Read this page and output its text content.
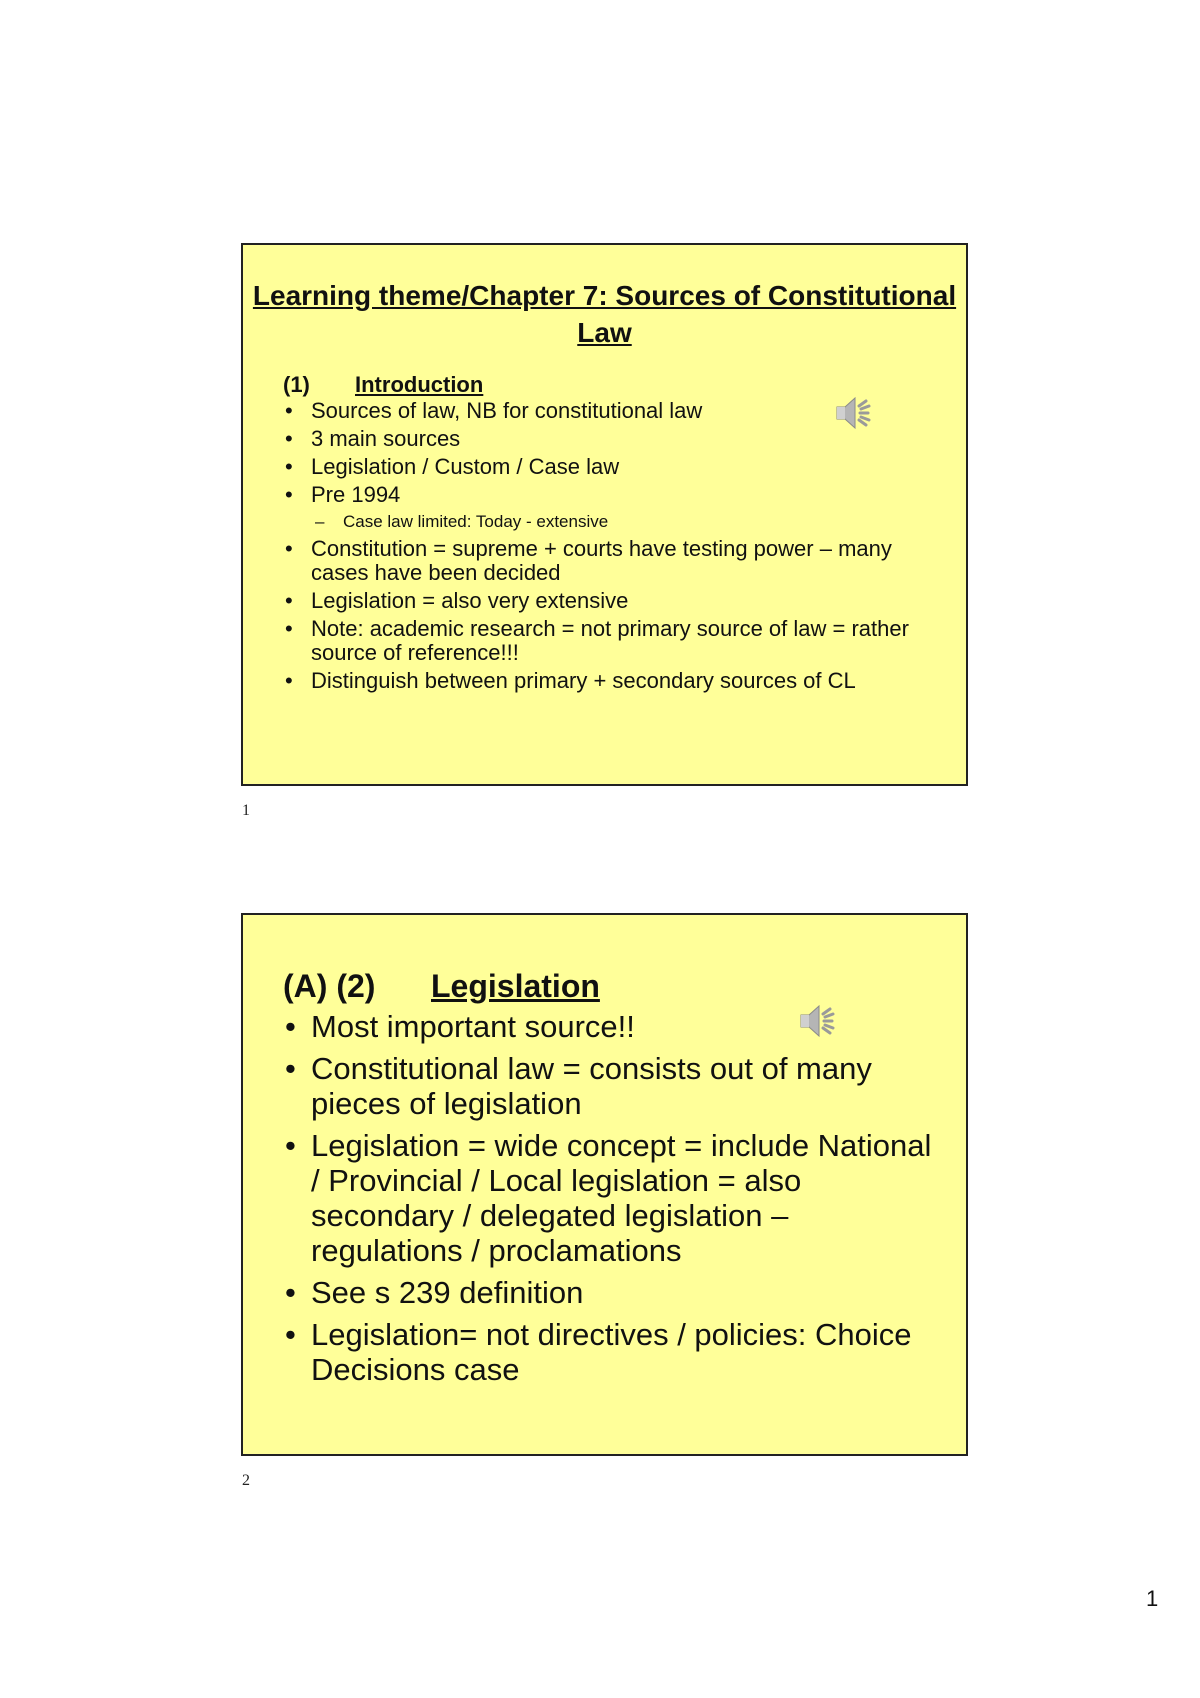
Learning theme/Chapter 7: Sources of Constitutional Law
(1) Introduction
• Sources of law, NB for constitutional law
• 3 main sources
• Legislation / Custom / Case law
• Pre 1994
– Case law limited: Today - extensive
• Constitution = supreme + courts have testing power – many cases have been decided
• Legislation = also very extensive
• Note: academic research = not primary source of law = rather source of reference!!!
• Distinguish between primary + secondary sources of CL
1
(A) (2) Legislation
• Most important source!!
• Constitutional law = consists out of many pieces of legislation
• Legislation = wide concept = include National / Provincial / Local legislation = also secondary / delegated legislation – regulations / proclamations
• See s 239 definition
• Legislation= not directives / policies: Choice Decisions case
2
1
